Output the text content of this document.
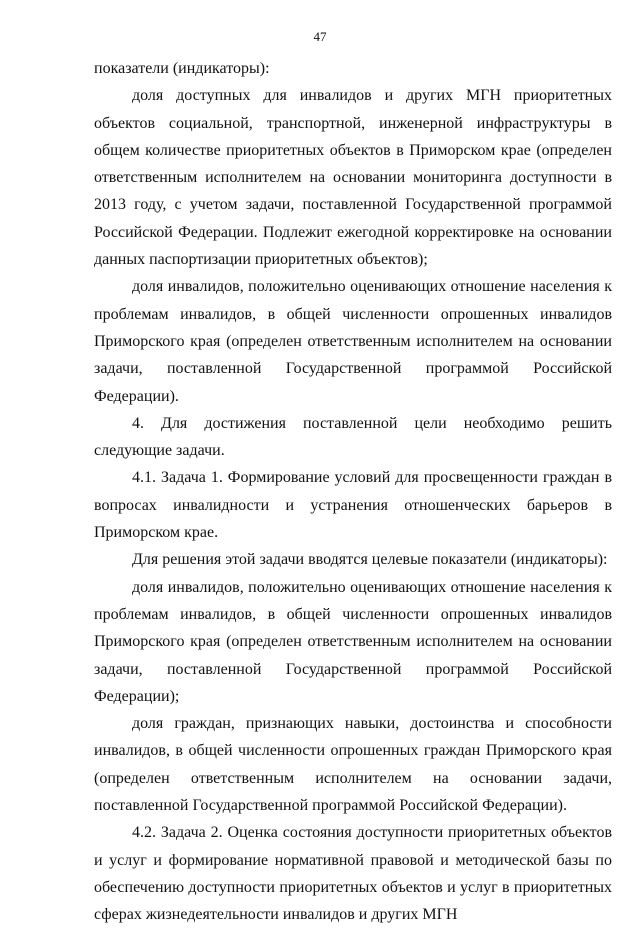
47

показатели (индикаторы):

доля доступных для инвалидов и других МГН приоритетных объектов социальной, транспортной, инженерной инфраструктуры в общем количестве приоритетных объектов в Приморском крае (определен ответственным исполнителем на основании мониторинга доступности в 2013 году, с учетом задачи, поставленной Государственной программой Российской Федерации. Подлежит ежегодной корректировке на основании данных паспортизации приоритетных объектов);

доля инвалидов, положительно оценивающих отношение населения к проблемам инвалидов, в общей численности опрошенных инвалидов Приморского края (определен ответственным исполнителем на основании задачи, поставленной Государственной программой Российской Федерации).

4. Для достижения поставленной цели необходимо решить следующие задачи.

4.1. Задача 1. Формирование условий для просвещенности граждан в вопросах инвалидности и устранения отношенческих барьеров в Приморском крае.

Для решения этой задачи вводятся целевые показатели (индикаторы):

доля инвалидов, положительно оценивающих отношение населения к проблемам инвалидов, в общей численности опрошенных инвалидов Приморского края (определен ответственным исполнителем на основании задачи, поставленной Государственной программой Российской Федерации);

доля граждан, признающих навыки, достоинства и способности инвалидов, в общей численности опрошенных граждан Приморского края (определен ответственным исполнителем на основании задачи, поставленной Государственной программой Российской Федерации).

4.2. Задача 2. Оценка состояния доступности приоритетных объектов и услуг и формирование нормативной правовой и методической базы по обеспечению доступности приоритетных объектов и услуг в приоритетных сферах жизнедеятельности инвалидов и других МГН
